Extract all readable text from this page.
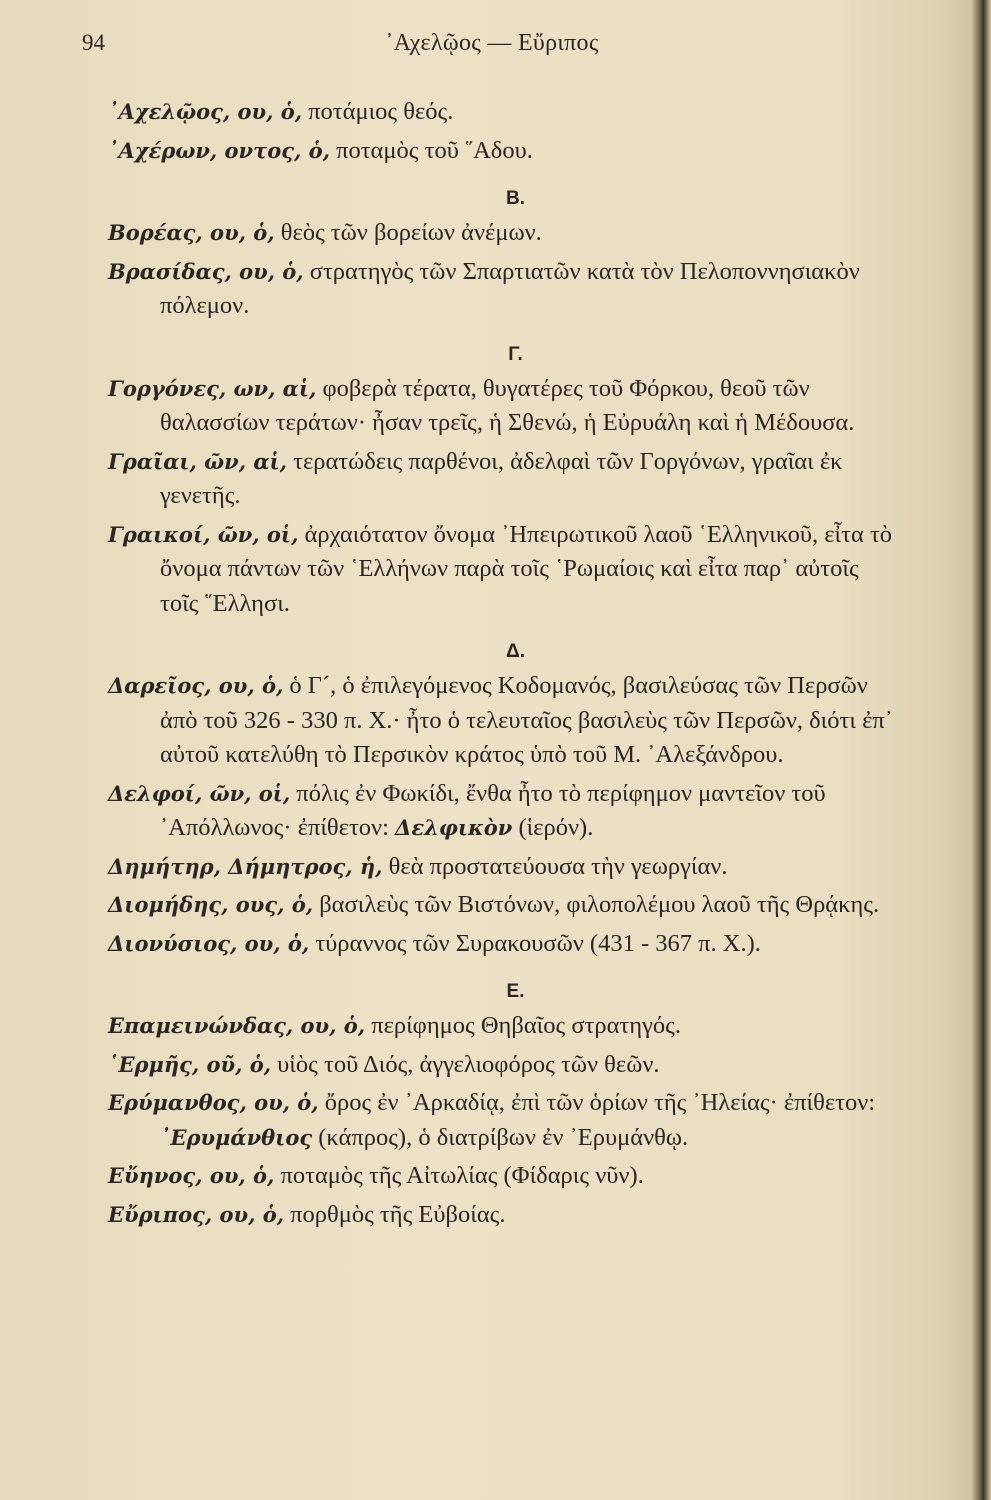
94	᾿Αχελῷος — Εὔριπος
᾿Αχελῷος, ου, ὁ, ποτάμιος θεός.
᾿Αχέρων, οντος, ὁ, ποταμὸς τοῦ ῞Αδου.
Β.
Βορέας, ου, ὁ, θεὸς τῶν βορείων ἀνέμων.
Βρασίδας, ου, ὁ, στρατηγὸς τῶν Σπαρτιατῶν κατὰ τὸν Πελοποννησιακὸν πόλεμον.
Γ.
Γοργόνες, ων, αἱ, φοβερὰ τέρατα, θυγατέρες τοῦ Φόρκου, θεοῦ τῶν θαλασσίων τεράτων· ἦσαν τρεῖς, ἡ Σθενώ, ἡ Εὐρυάλη καὶ ἡ Μέδουσα.
Γραῖαι, ῶν, αἱ, τερατώδεις παρθένοι, ἀδελφαὶ τῶν Γοργόνων, γραῖαι ἐκ γενετῆς.
Γραικοί, ῶν, οἱ, ἀρχαιότατον ὄνομα ᾿Ηπειρωτικοῦ λαοῦ ῾Ελληνικοῦ, εἶτα τὸ ὄνομα πάντων τῶν ῾Ελλήνων παρὰ τοῖς ῾Ρωμαίοις καὶ εἶτα παρ᾿ αὐτοῖς τοῖς ῞Ελλησι.
Δ.
Δαρεῖος, ου, ὁ, ὁ Γ´, ὁ ἐπιλεγόμενος Κοδομανός, βασιλεύσας τῶν Περσῶν ἀπὸ τοῦ 326 - 330 π. Χ.· ἦτο ὁ τελευταῖος βασιλεὺς τῶν Περσῶν, διότι ἐπ᾿ αὐτοῦ κατελύθη τὸ Περσικὸν κράτος ὑπὸ τοῦ Μ. ᾿Αλεξάνδρου.
Δελφοί, ῶν, οἱ, πόλις ἐν Φωκίδι, ἔνθα ἦτο τὸ περίφημον μαντεῖον τοῦ ᾿Απόλλωνος· ἐπίθετον: Δελφικὸν (ἱερόν).
Δημήτηρ, Δήμητρος, ἡ, θεὰ προστατεύουσα τὴν γεωργίαν.
Διομήδης, ους, ὁ, βασιλεὺς τῶν Βιστόνων, φιλοπολέμου λαοῦ τῆς Θρᾴκης.
Διονύσιος, ου, ὁ, τύραννος τῶν Συρακουσῶν (431 - 367 π. Χ.).
Ε.
Επαμεινώνδας, ου, ὁ, περίφημος Θηβαῖος στρατηγός.
῾Ερμῆς, οῦ, ὁ, υἱὸς τοῦ Διός, ἀγγελιοφόρος τῶν θεῶν.
Ερύμανθος, ου, ὁ, ὄρος ἐν ᾿Αρκαδίᾳ, ἐπὶ τῶν ὁρίων τῆς ᾿Ηλείας· ἐπίθετον: ᾿Ερυμάνθιος (κάπρος), ὁ διατρίβων ἐν ᾿Ερυμάνθῳ.
Εὔηνος, ου, ὁ, ποταμὸς τῆς Αἰτωλίας (Φίδαρις νῦν).
Εὔριπος, ου, ὁ, πορθμὸς τῆς Εὐβοίας.
